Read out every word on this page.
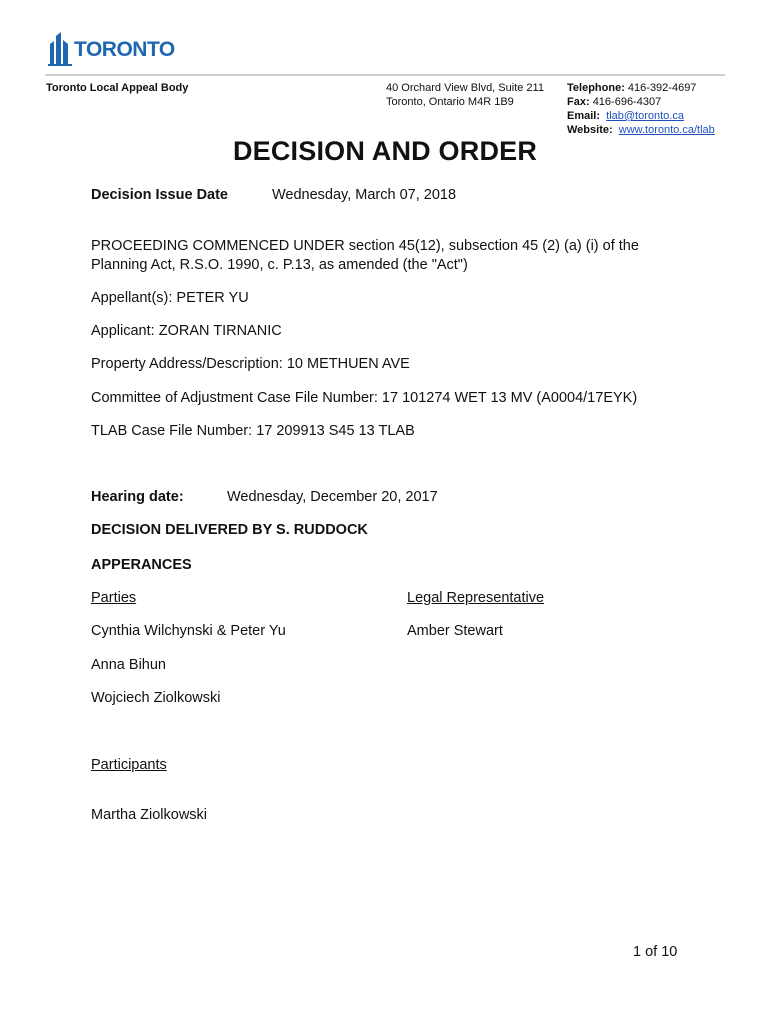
TORONTO
Toronto Local Appeal Body	40 Orchard View Blvd, Suite 211
Toronto, Ontario M4R 1B9
Telephone: 416-392-4697
Fax: 416-696-4307
Email: tlab@toronto.ca
Website: www.toronto.ca/tlab
DECISION AND ORDER
Decision Issue Date	Wednesday, March 07, 2018
PROCEEDING COMMENCED UNDER section 45(12), subsection 45 (2) (a) (i) of the
Planning Act, R.S.O. 1990, c. P.13, as amended (the "Act")
Appellant(s): PETER YU
Applicant: ZORAN TIRNANIC
Property Address/Description: 10 METHUEN AVE
Committee of Adjustment Case File Number: 17 101274 WET 13 MV (A0004/17EYK)
TLAB Case File Number: 17 209913 S45 13 TLAB
Hearing date:	Wednesday, December 20, 2017
DECISION DELIVERED BY S. RUDDOCK
APPERANCES
Parties	Legal Representative
Cynthia Wilchynski & Peter Yu	Amber Stewart
Anna Bihun
Wojciech Ziolkowski
Participants
Martha Ziolkowski
1 of 10
